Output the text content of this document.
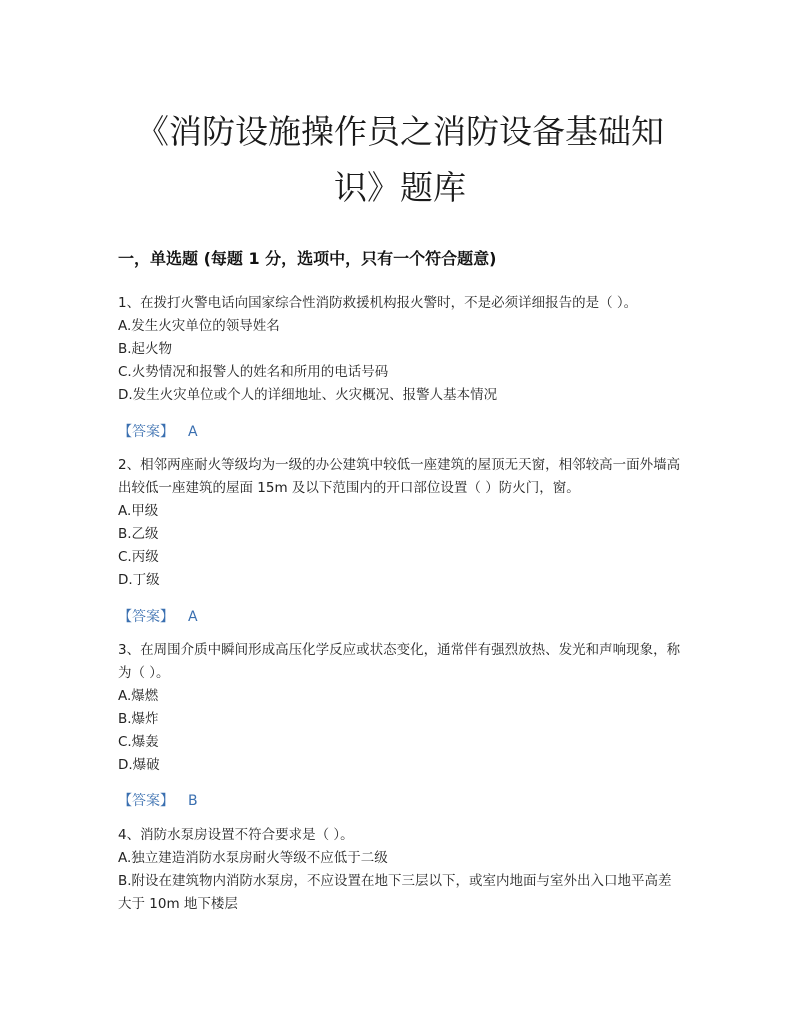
《消防设施操作员之消防设备基础知
识》题库
一，单选题 (每题 1 分，选项中，只有一个符合题意)
1、在拨打火警电话向国家综合性消防救援机构报火警时，不是必须详细报告的是（ ）。
A.发生火灾单位的领导姓名
B.起火物
C.火势情况和报警人的姓名和所用的电话号码
D.发生火灾单位或个人的详细地址、火灾概况、报警人基本情况
【答案】 A
2、相邻两座耐火等级均为一级的办公建筑中较低一座建筑的屋顶无天窗，相邻较高一面外墙高出较低一座建筑的屋面 15m 及以下范围内的开口部位设置（ ）防火门，窗。
A.甲级
B.乙级
C.丙级
D.丁级
【答案】 A
3、在周围介质中瞬间形成高压化学反应或状态变化，通常伴有强烈放热、发光和声响现象，称为（ ）。
A.爆燃
B.爆炸
C.爆轰
D.爆破
【答案】 B
4、消防水泵房设置不符合要求是（ ）。
A.独立建造消防水泵房耐火等级不应低于二级
B.附设在建筑物内消防水泵房，不应设置在地下三层以下，或室内地面与室外出入口地平高差大于 10m 地下楼层
